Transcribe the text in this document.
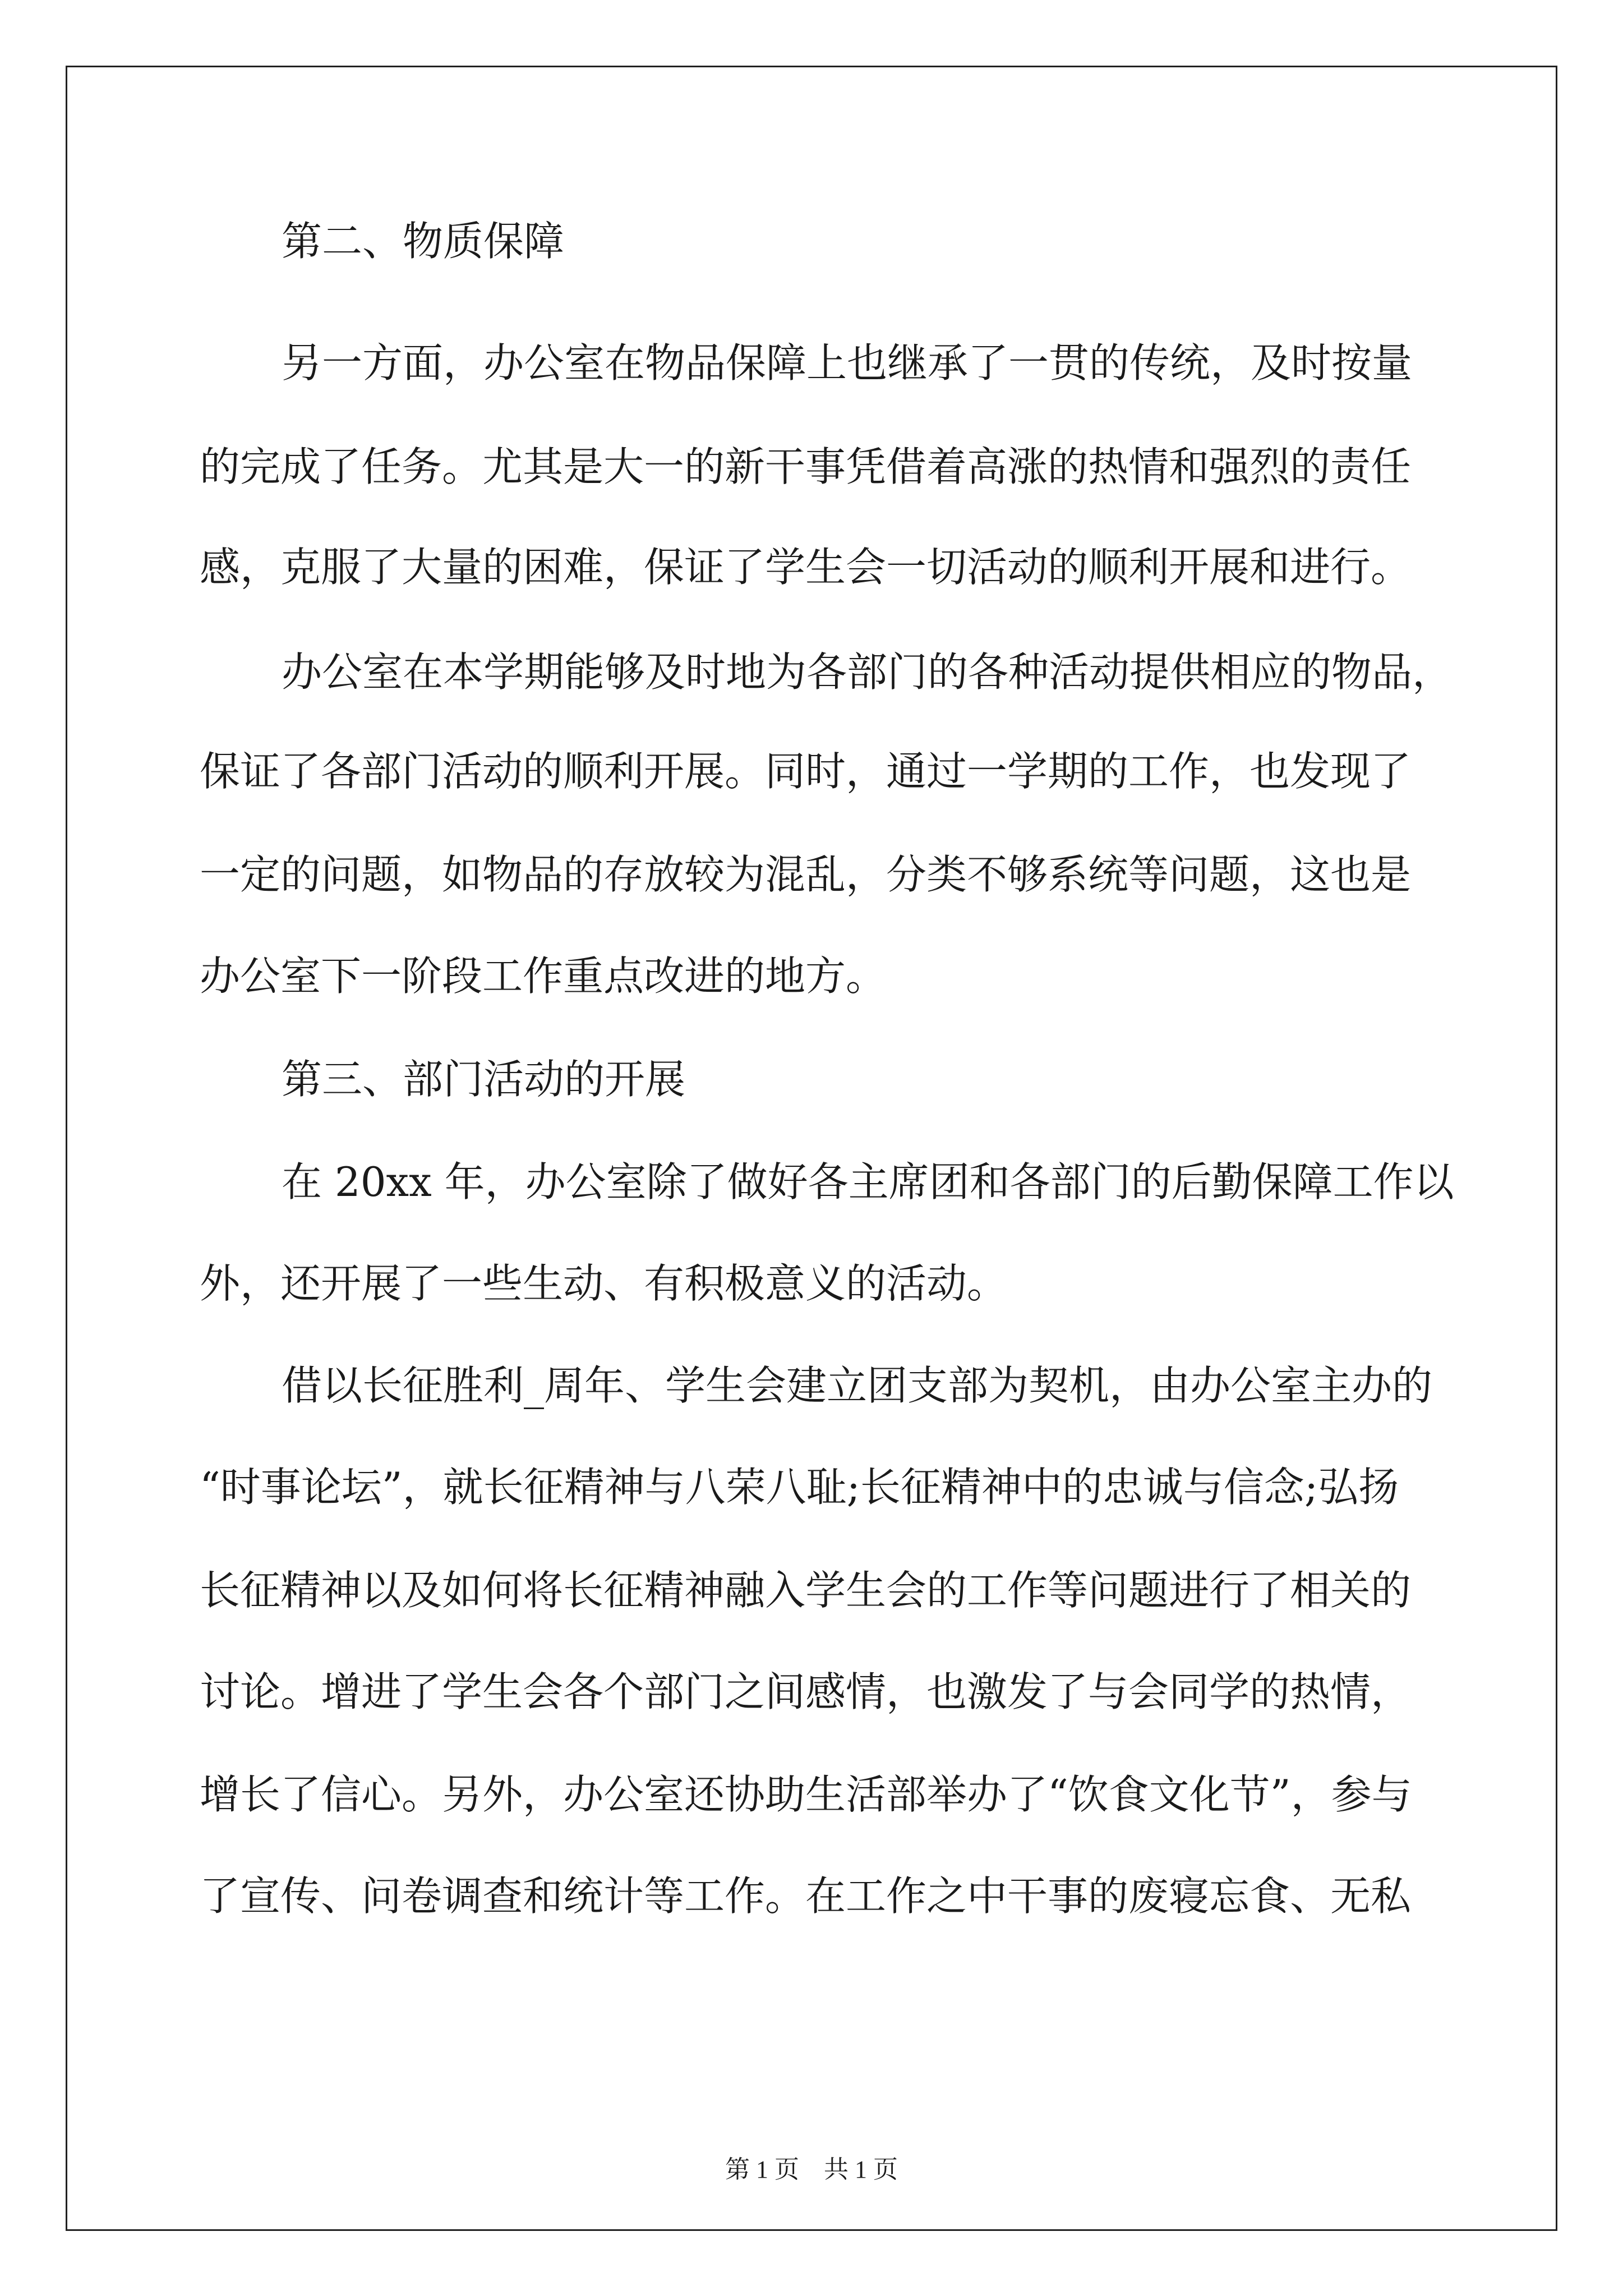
第二、物质保障

另一方面，办公室在物品保障上也继承了一贯的传统，及时按量

的完成了任务。尤其是大一的新干事凭借着高涨的热情和强烈的责任

感，克服了大量的困难，保证了学生会一切活动的顺利开展和进行。

办公室在本学期能够及时地为各部门的各种活动提供相应的物品，

保证了各部门活动的顺利开展。同时，通过一学期的工作，也发现了

一定的问题，如物品的存放较为混乱，分类不够系统等问题，这也是

办公室下一阶段工作重点改进的地方。

第三、部门活动的开展

在 20xx 年，办公室除了做好各主席团和各部门的后勤保障工作以

外，还开展了一些生动、有积极意义的活动。

借以长征胜利_周年、学生会建立团支部为契机，由办公室主办的

“时事论坛”，就长征精神与八荣八耻;长征精神中的忠诚与信念;弘扬

长征精神以及如何将长征精神融入学生会的工作等问题进行了相关的

讨论。增进了学生会各个部门之间感情，也激发了与会同学的热情，

增长了信心。另外，办公室还协助生活部举办了“饮食文化节”，参与

了宣传、问卷调查和统计等工作。在工作之中干事的废寝忘食、无私

第 1 页　共 1 页
